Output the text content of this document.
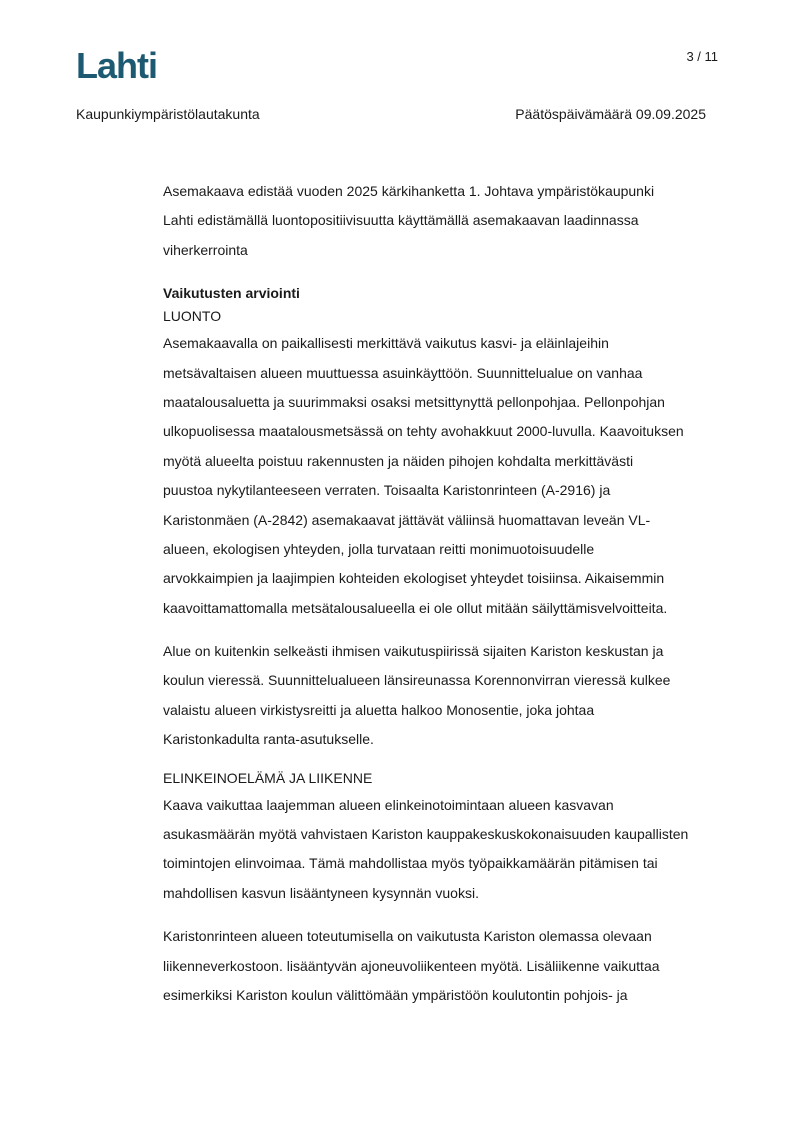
Lahti	3 / 11
Kaupunkiympäristölautakunta	Päätöspäivämäärä 09.09.2025
Asemakaava edistää vuoden 2025 kärkihanketta 1. Johtava ympäristökaupunki
Lahti edistämällä luontopositiivisuutta käyttämällä asemakaavan laadinnassa
viherkerrointa
Vaikutusten arviointi
LUONTO
Asemakaavalla on paikallisesti merkittävä vaikutus kasvi- ja eläinlajeihin
metsävaltaisen alueen muuttuessa asuinkäyttöön. Suunnittelualue on vanhaa
maatalousaluetta ja suurimmaksi osaksi metsittynyttä pellonpohjaa. Pellonpohjan
ulkopuolisessa maatalousmetsässä on tehty avohakkuut 2000-luvulla. Kaavoituksen
myötä alueelta poistuu rakennusten ja näiden pihojen kohdalta merkittävästi
puustoa nykytilanteeseen verraten. Toisaalta Karistonrinteen (A-2916) ja
Karistonmäen (A-2842) asemakaavat jättävät väliinsä huomattavan leveän VL-
alueen, ekologisen yhteyden, jolla turvataan reitti monimuotoisuudelle
arvokkaimpien ja laajimpien kohteiden ekologiset yhteydet toisiinsa. Aikaisemmin
kaavoittamattomalla metsätalousalueella ei ole ollut mitään säilyttämisvelvoitteita.
Alue on kuitenkin selkeästi ihmisen vaikutuspiirissä sijaiten Kariston keskustan ja
koulun vieressä. Suunnittelualueen länsireunassa Korennonvirran vieressä kulkee
valaistu alueen virkistysreitti ja aluetta halkoo Monosentie, joka johtaa
Karistonkadulta ranta-asutukselle.
ELINKEINOELÄMÄ JA LIIKENNE
Kaava vaikuttaa laajemman alueen elinkeinotoimintaan alueen kasvavan
asukasmäärän myötä vahvistaen Kariston kauppakeskuskokonaisuuden kaupallisten
toimintojen elinvoimaa. Tämä mahdollistaa myös työpaikkamäärän pitämisen tai
mahdollisen kasvun lisääntyneen kysynnän vuoksi.
Karistonrinteen alueen toteutumisella on vaikutusta Kariston olemassa olevaan
liikenneverkostoon. lisääntyvän ajoneuvoliikenteen myötä. Lisäliikenne vaikuttaa
esimerkiksi Kariston koulun välittömään ympäristöön koulutontin pohjois- ja
